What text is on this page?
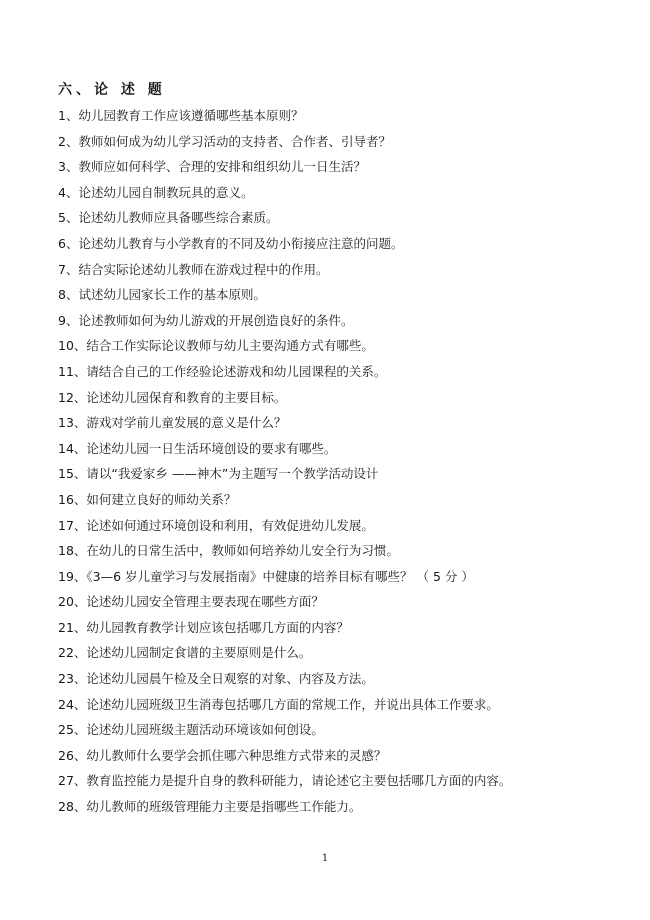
六、论 述 题
1、幼儿园教育工作应该遵循哪些基本原则？
2、教师如何成为幼儿学习活动的支持者、合作者、引导者？
3、教师应如何科学、合理的安排和组织幼儿一日生活？
4、论述幼儿园自制教玩具的意义。
5、论述幼儿教师应具备哪些综合素质。
6、论述幼儿教育与小学教育的不同及幼小衔接应注意的问题。
7、结合实际论述幼儿教师在游戏过程中的作用。
8、试述幼儿园家长工作的基本原则。
9、论述教师如何为幼儿游戏的开展创造良好的条件。
10、结合工作实际论议教师与幼儿主要沟通方式有哪些。
11、请结合自己的工作经验论述游戏和幼儿园课程的关系。
12、论述幼儿园保育和教育的主要目标。
13、游戏对学前儿童发展的意义是什么？
14、论述幼儿园一日生活环境创设的要求有哪些。
15、请以“我爱家乡 ——神木”为主题写一个教学活动设计
16、如何建立良好的师幼关系？
17、论述如何通过环境创设和利用，有效促进幼儿发展。
18、在幼儿的日常生活中，教师如何培养幼儿安全行为习惯。
19、《3—6 岁儿童学习与发展指南》中健康的培养目标有哪些？ （ 5 分 ）
20、论述幼儿园安全管理主要表现在哪些方面？
21、幼儿园教育教学计划应该包括哪几方面的内容？
22、论述幼儿园制定食谱的主要原则是什么。
23、论述幼儿园晨午检及全日观察的对象、内容及方法。
24、论述幼儿园班级卫生消毒包括哪几方面的常规工作，并说出具体工作要求。
25、论述幼儿园班级主题活动环境该如何创设。
26、幼儿教师什么要学会抓住哪六种思维方式带来的灵感？
27、教育监控能力是提升自身的教科研能力，请论述它主要包括哪几方面的内容。
28、幼儿教师的班级管理能力主要是指哪些工作能力。
1
